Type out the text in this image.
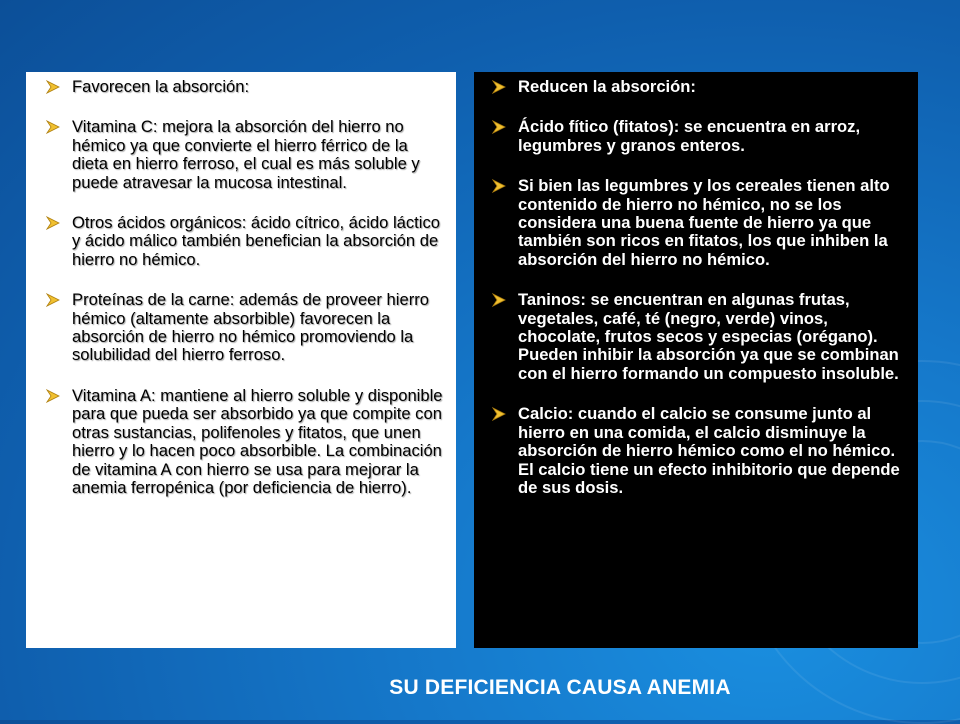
Favorecen la absorción:
Vitamina C: mejora la absorción del hierro no hémico ya que convierte el hierro férrico de la dieta en hierro ferroso, el cual es más soluble y puede atravesar la mucosa intestinal.
Otros ácidos orgánicos: ácido cítrico, ácido láctico y ácido málico también benefician la absorción de hierro no hémico.
Proteínas de la carne: además de proveer hierro hémico (altamente absorbible) favorecen la absorción de hierro no hémico promoviendo la solubilidad del hierro ferroso.
Vitamina A: mantiene al hierro soluble y disponible para que pueda ser absorbido ya que compite con otras sustancias, polifenoles y fitatos, que unen hierro y lo hacen poco absorbible. La combinación de vitamina A con hierro se usa para mejorar la anemia ferropénica (por deficiencia de hierro).
Reducen la absorción:
Ácido fítico (fitatos): se encuentra en arroz, legumbres y granos enteros.
Si bien las legumbres y los cereales tienen alto contenido de hierro no hémico, no se los considera una buena fuente de hierro ya que también son ricos en fitatos, los que inhiben la absorción del hierro no hémico.
Taninos: se encuentran en algunas frutas, vegetales, café, té (negro, verde) vinos, chocolate, frutos secos y especias (orégano). Pueden inhibir la absorción ya que se combinan con el hierro formando un compuesto insoluble.
Calcio: cuando el calcio se consume junto al hierro en una comida, el calcio disminuye la absorción de hierro hémico como el no hémico. El calcio tiene un efecto inhibitorio que depende de sus dosis.
SU DEFICIENCIA CAUSA ANEMIA
